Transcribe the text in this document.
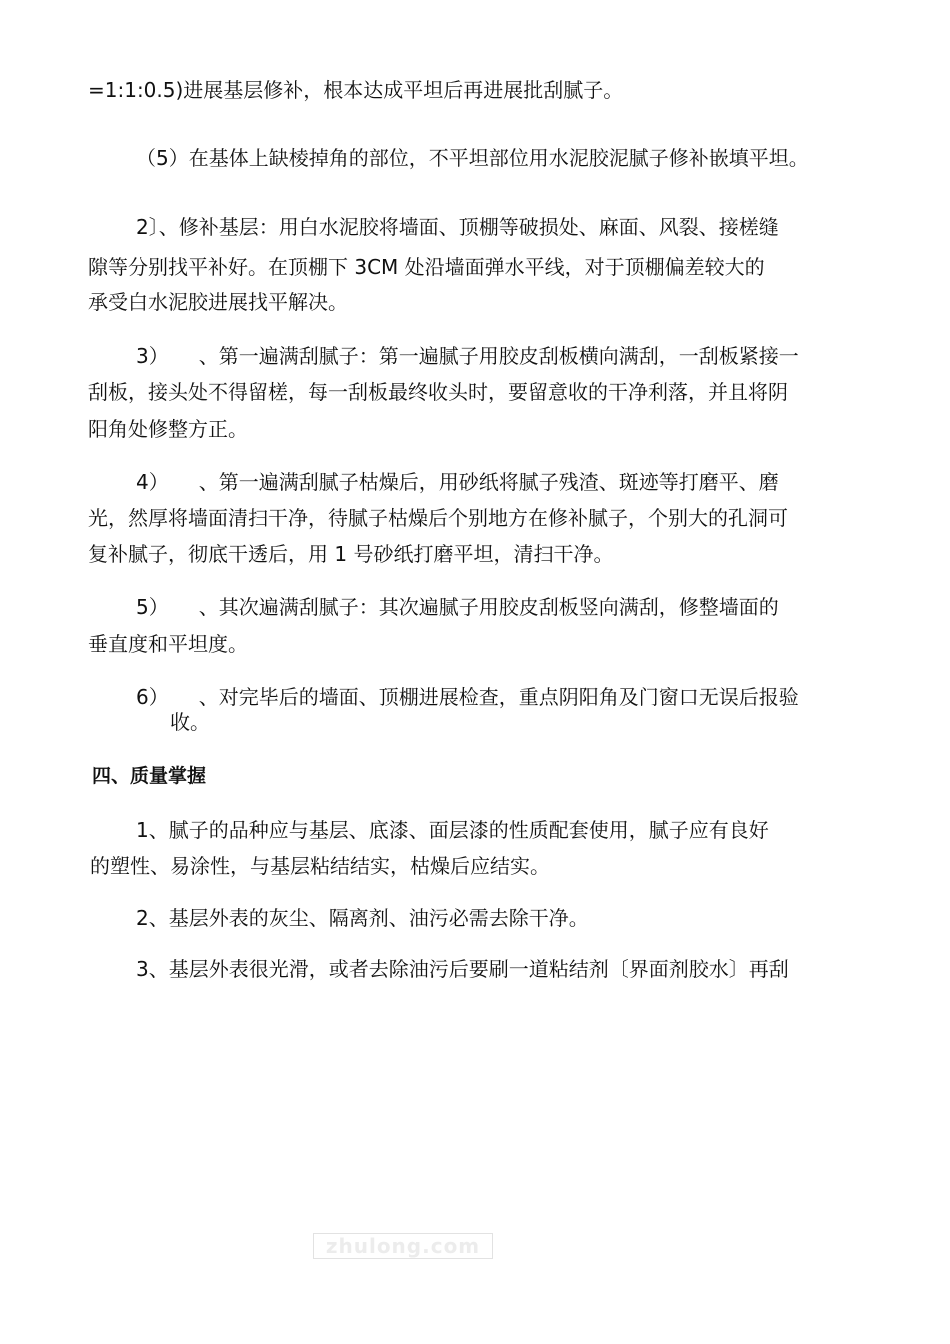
=1:1:0.5)进展基层修补，根本达成平坦后再进展批刮腻子。
（5）在基体上缺棱掉角的部位，不平坦部位用水泥胶泥腻子修补嵌填平坦。
2〕、修补基层：用白水泥胶将墙面、顶棚等破损处、麻面、风裂、接槎缝
隙等分别找平补好。在顶棚下 3CM 处沿墙面弹水平线，对于顶棚偏差较大的
承受白水泥胶进展找平解决。
3） 、第一遍满刮腻子：第一遍腻子用胶皮刮板横向满刮，一刮板紧接一
刮板，接头处不得留槎，每一刮板最终收头时，要留意收的干净利落，并且将阴
阳角处修整方正。
4） 、第一遍满刮腻子枯燥后，用砂纸将腻子残渣、斑迹等打磨平、磨
光，然厚将墙面清扫干净，待腻子枯燥后个别地方在修补腻子，个别大的孔洞可
复补腻子，彻底干透后，用 1 号砂纸打磨平坦，清扫干净。
5） 、其次遍满刮腻子：其次遍腻子用胶皮刮板竖向满刮，修整墙面的
垂直度和平坦度。
6） 、对完毕后的墙面、顶棚进展检查，重点阴阳角及门窗口无误后报验
收。
四、质量掌握
1、腻子的品种应与基层、底漆、面层漆的性质配套使用，腻子应有良好
的塑性、易涂性，与基层粘结结实，枯燥后应结实。
2、基层外表的灰尘、隔离剂、油污必需去除干净。
3、基层外表很光滑，或者去除油污后要刷一道粘结剂〔界面剂胶水〕再刮
zhulong.com
